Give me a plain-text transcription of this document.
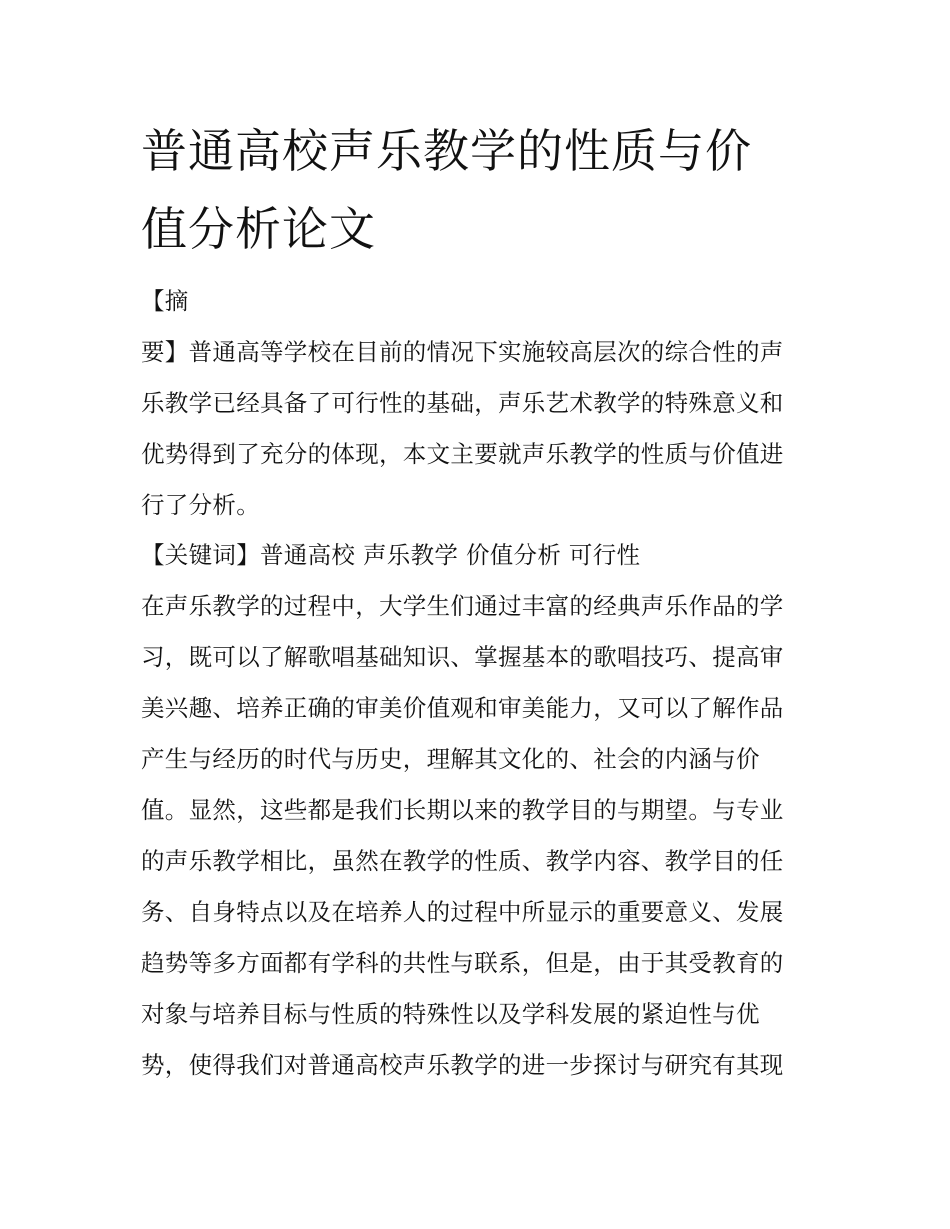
普通高校声乐教学的性质与价
值分析论文

【摘

要】普通高等学校在目前的情况下实施较高层次的综合性的声

乐教学已经具备了可行性的基础，声乐艺术教学的特殊意义和

优势得到了充分的体现，本文主要就声乐教学的性质与价值进

行了分析。

【关键词】普通高校 声乐教学 价值分析 可行性

在声乐教学的过程中，大学生们通过丰富的经典声乐作品的学

习，既可以了解歌唱基础知识、掌握基本的歌唱技巧、提高审

美兴趣、培养正确的审美价值观和审美能力，又可以了解作品

产生与经历的时代与历史，理解其文化的、社会的内涵与价

值。显然，这些都是我们长期以来的教学目的与期望。与专业

的声乐教学相比，虽然在教学的性质、教学内容、教学目的任

务、自身特点以及在培养人的过程中所显示的重要意义、发展

趋势等多方面都有学科的共性与联系，但是，由于其受教育的

对象与培养目标与性质的特殊性以及学科发展的紧迫性与优

势，使得我们对普通高校声乐教学的进一步探讨与研究有其现
